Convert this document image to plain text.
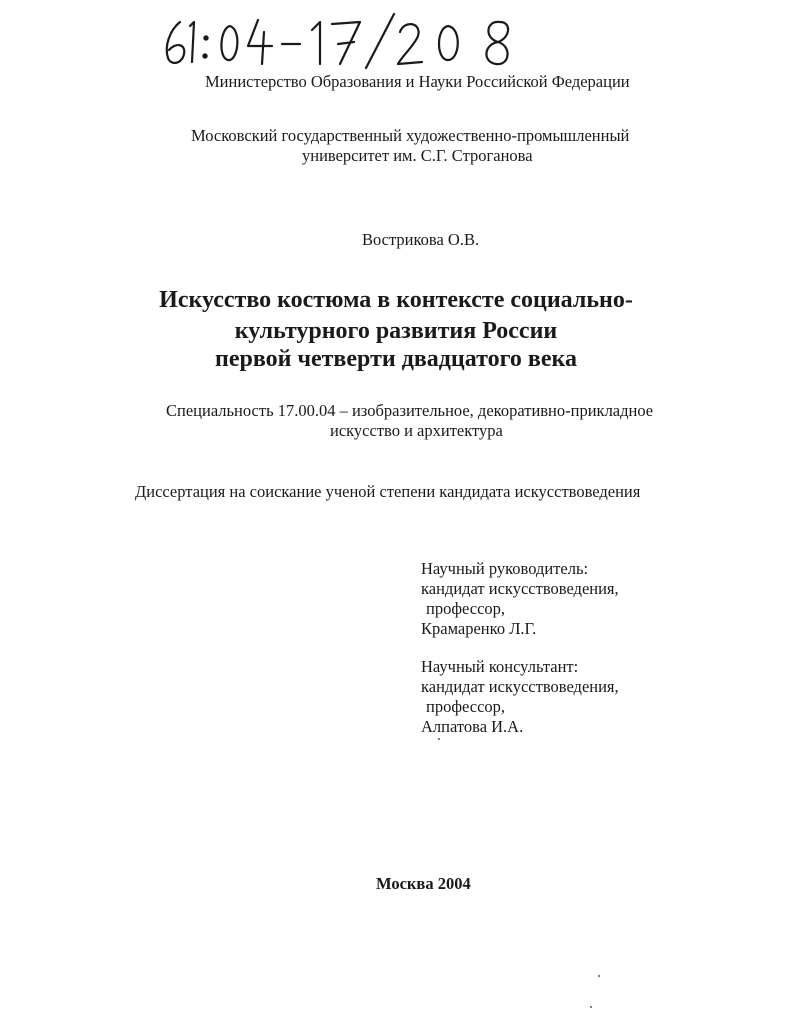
Министерство Образования и Науки Российской Федерации
Московский государственный художественно-промышленный
университет им. С.Г. Строганова
Вострикова О.В.
Искусство костюма в контексте социально-
культурного развития России
первой четверти двадцатого века
Специальность 17.00.04 – изобразительное, декоративно-прикладное
искусство и архитектура
Диссертация на соискание ученой степени кандидата искусствоведения
Научный руководитель:
кандидат искусствоведения,
профессор,
Крамаренко Л.Г.
Научный консультант:
кандидат искусствоведения,
профессор,
Алпатова И.А.
Москва 2004
